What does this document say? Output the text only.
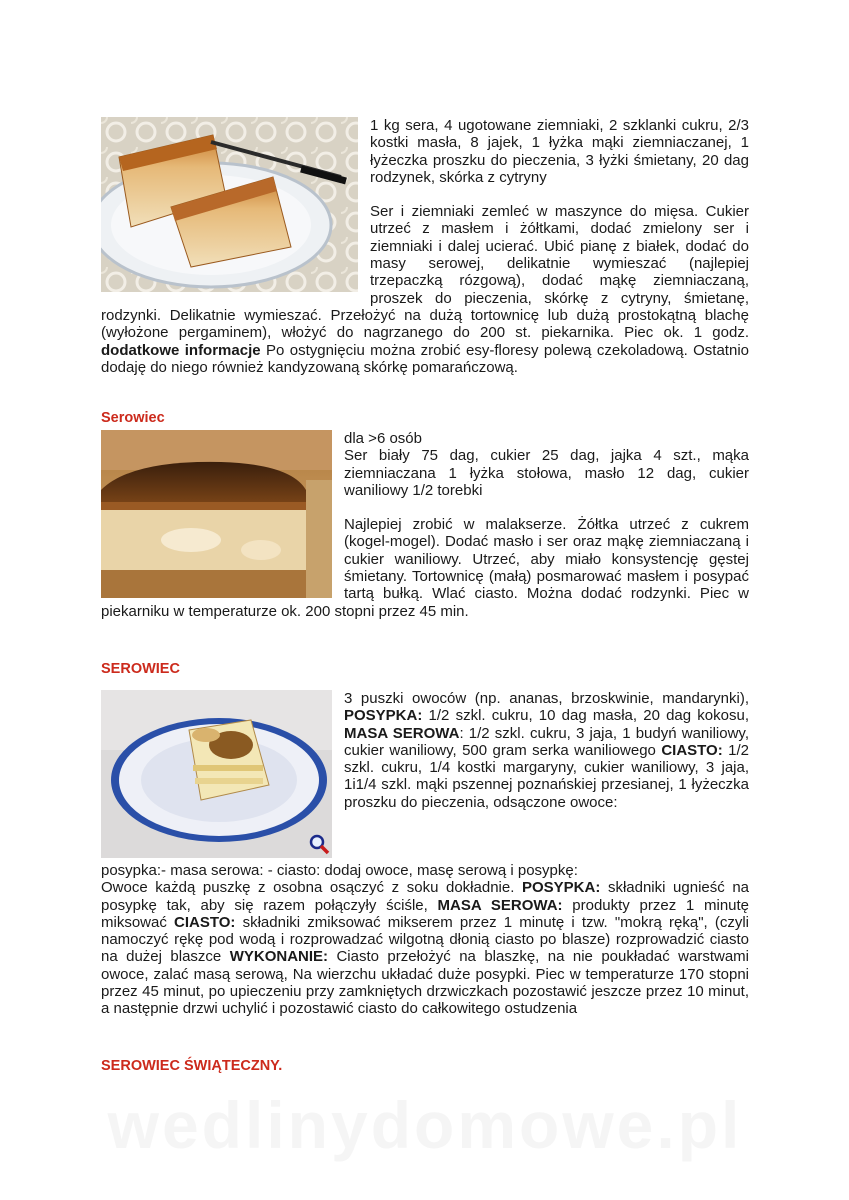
1 kg sera, 4 ugotowane ziemniaki, 2 szklanki cukru, 2/3 kostki masła, 8 jajek, 1 łyżka mąki ziemniaczanej, 1 łyżeczka proszku do pieczenia, 3 łyżki śmietany, 20 dag rodzynek, skórka z cytryny

Ser i ziemniaki zemleć w maszynce do mięsa. Cukier utrzeć z masłem i żółtkami, dodać zmielony ser i ziemniaki i dalej ucierać. Ubić pianę z białek, dodać do masy serowej, delikatnie wymieszać (najlepiej trzepaczką rózgową), dodać mąkę ziemniaczaną, proszek do pieczenia, skórkę z cytryny, śmietanę, rodzynki. Delikatnie wymieszać. Przełożyć na dużą tortownicę lub dużą prostokątną blachę (wyłożone pergaminem), włożyć do nagrzanego do 200 st. piekarnika. Piec ok. 1 godz. dodatkowe informacje Po ostygnięciu można zrobić esy-floresy polewą czekoladową. Ostatnio dodaję do niego również kandyzowaną skórkę pomarańczową.

Serowiec

dla >6 osób

Ser biały 75 dag, cukier 25 dag, jajka 4 szt., mąka ziemniaczana 1 łyżka stołowa, masło 12 dag, cukier waniliowy 1/2 torebki

Najlepiej zrobić w malakserze. Żółtka utrzeć z cukrem (kogel-mogel). Dodać masło i ser oraz mąkę ziemniaczaną i cukier waniliowy. Utrzeć, aby miało konsystencję gęstej śmietany. Tortownicę (małą) posmarować masłem i posypać tartą bułką. Wlać ciasto. Można dodać rodzynki. Piec w piekarniku w temperaturze ok. 200 stopni przez 45 min.

SEROWIEC

3 puszki owoców (np. ananas, brzoskwinie, mandarynki), POSYPKA: 1/2 szkl. cukru, 10 dag masła, 20 dag kokosu, MASA SEROWA: 1/2 szkl. cukru, 3 jaja, 1 budyń waniliowy, cukier waniliowy, 500 gram serka waniliowego CIASTO: 1/2 szkl. cukru, 1/4 kostki margaryny, cukier waniliowy, 3 jaja, 1i1/4 szkl. mąki pszennej poznańskiej przesianej, 1 łyżeczka proszku do pieczenia, odsączone owoce:

posypka:- masa serowa: - ciasto: dodaj owoce, masę serową i posypkę:

Owoce każdą puszkę z osobna osączyć z soku dokładnie. POSYPKA: składniki ugnieść na posypkę tak, aby się razem połączyły ściśle, MASA SEROWA: produkty przez 1 minutę miksować CIASTO: składniki zmiksować mikserem przez 1 minutę i tzw. "mokrą ręką", (czyli namoczyć rękę pod wodą i rozprowadzać wilgotną dłonią ciasto po blasze) rozprowadzić ciasto na dużej blaszce WYKONANIE: Ciasto przełożyć na blaszkę, na nie poukładać warstwami owoce, zalać masą serową, Na wierzchu układać duże posypki. Piec w temperaturze 170 stopni przez 45 minut, po upieczeniu przy zamkniętych drzwiczkach pozostawić jeszcze przez 10 minut, a następnie drzwi uchylić i pozostawić ciasto do całkowitego ostudzenia

SEROWIEC ŚWIĄTECZNY.
wedlinydomowe.pl
